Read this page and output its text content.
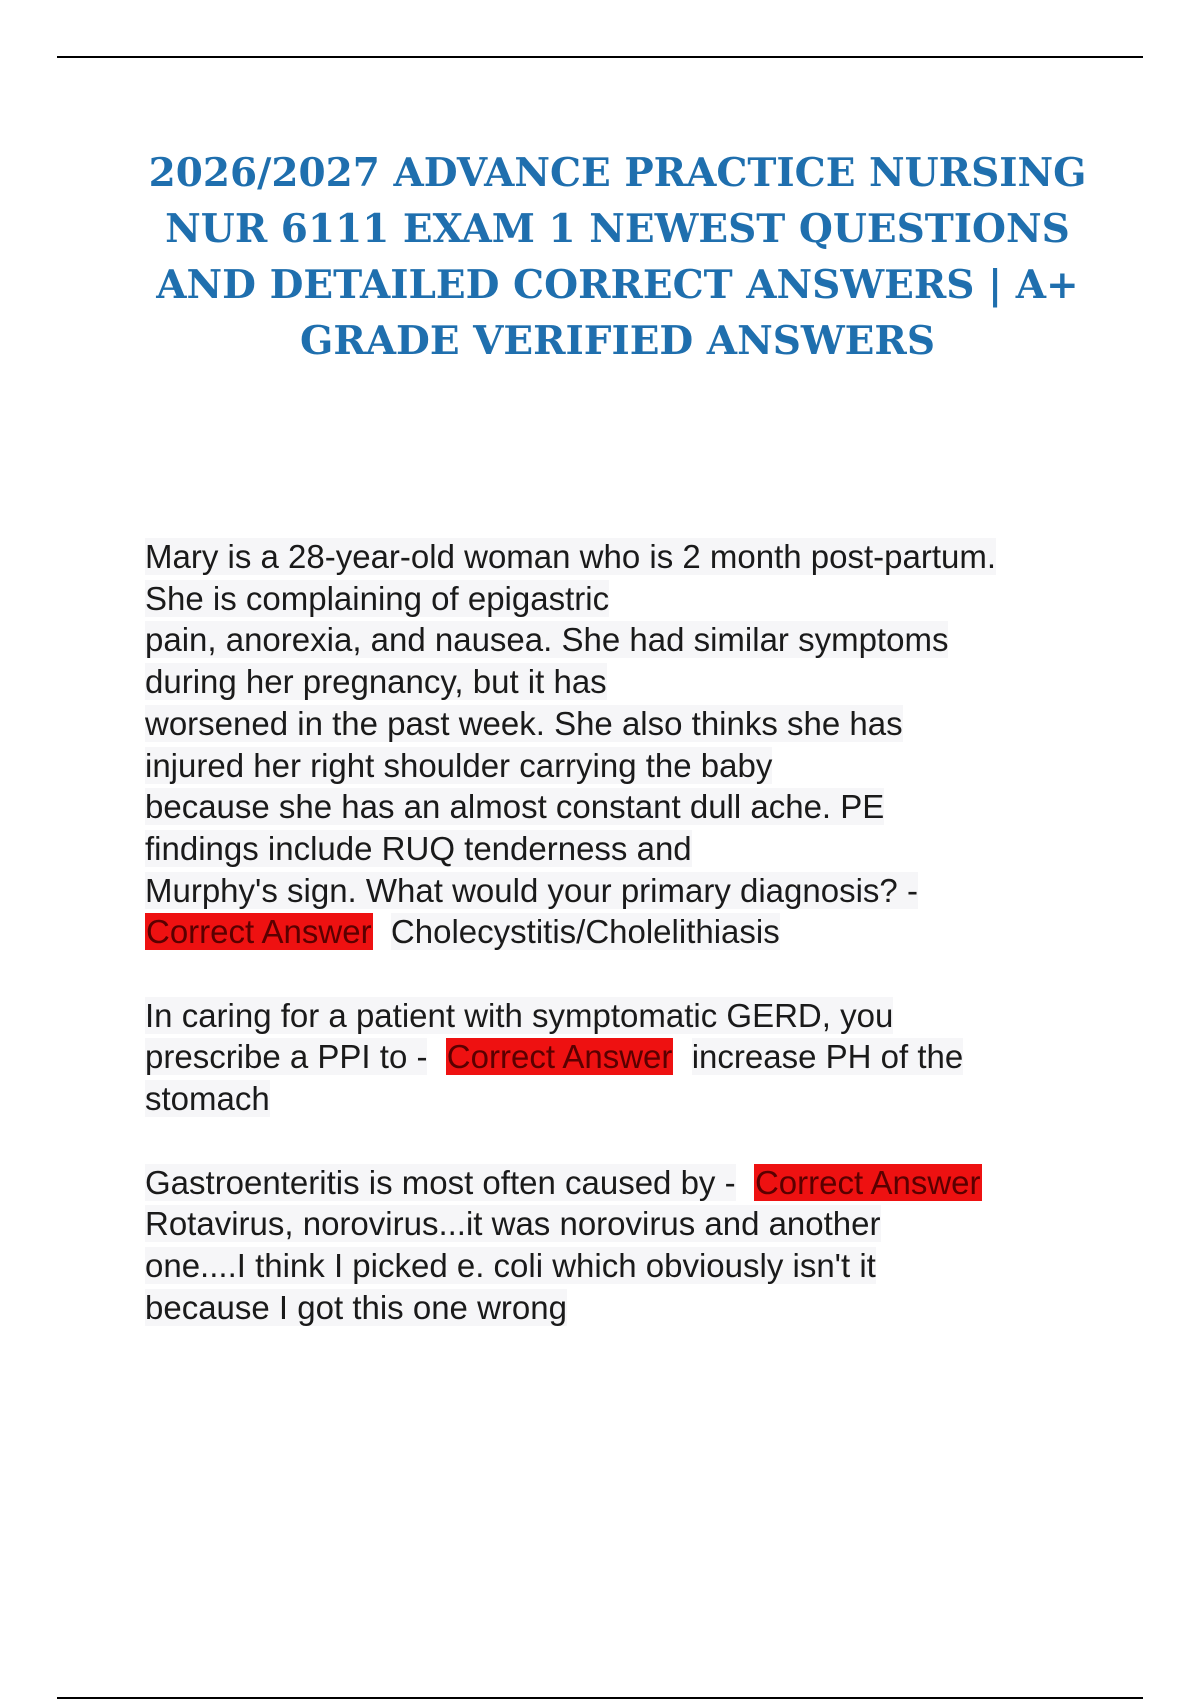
2026/2027 ADVANCE PRACTICE NURSING NUR 6111 EXAM 1 NEWEST QUESTIONS AND DETAILED CORRECT ANSWERS | A+ GRADE VERIFIED ANSWERS
Mary is a 28-year-old woman who is 2 month post-partum.
She is complaining of epigastric
pain, anorexia, and nausea. She had similar symptoms
during her pregnancy, but it has
worsened in the past week. She also thinks she has
injured her right shoulder carrying the baby
because she has an almost constant dull ache. PE
findings include RUQ tenderness and
Murphy's sign. What would your primary diagnosis? -
Correct Answer Cholecystitis/Cholelithiasis
In caring for a patient with symptomatic GERD, you
prescribe a PPI to - Correct Answer increase PH of the
stomach
Gastroenteritis is most often caused by - Correct Answer
Rotavirus, norovirus...it was norovirus and another
one....I think I picked e. coli which obviously isn't it
because I got this one wrong
